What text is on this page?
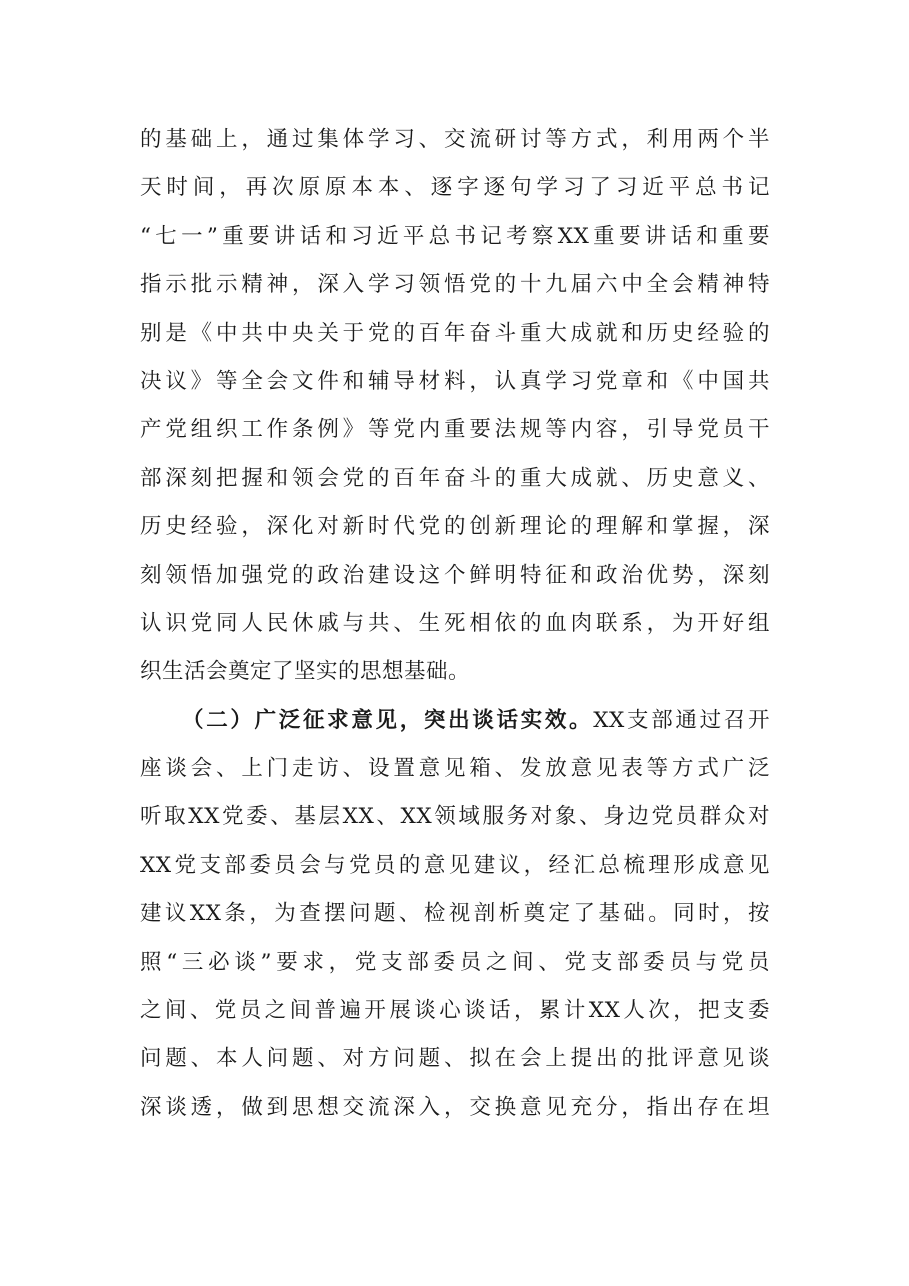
的基础上，通过集体学习、交流研讨等方式，利用两个半
天时间，再次原原本本、逐字逐句学习了习近平总书记
“七一”重要讲话和习近平总书记考察XX重要讲话和重要
指示批示精神，深入学习领悟党的十九届六中全会精神特
别是《中共中央关于党的百年奋斗重大成就和历史经验的
决议》等全会文件和辅导材料，认真学习党章和《中国共
产党组织工作条例》等党内重要法规等内容，引导党员干
部深刻把握和领会党的百年奋斗的重大成就、历史意义、
历史经验，深化对新时代党的创新理论的理解和掌握，深
刻领悟加强党的政治建设这个鲜明特征和政治优势，深刻
认识党同人民休戚与共、生死相依的血肉联系，为开好组
织生活会奠定了坚实的思想基础。
（二）广泛征求意见，突出谈话实效。XX支部通过召开
座谈会、上门走访、设置意见箱、发放意见表等方式广泛
听取XX党委、基层XX、XX领域服务对象、身边党员群众对
XX党支部委员会与党员的意见建议，经汇总梳理形成意见
建议XX条，为查摆问题、检视剖析奠定了基础。同时，按
照“三必谈”要求，党支部委员之间、党支部委员与党员
之间、党员之间普遍开展谈心谈话，累计XX人次，把支委
问题、本人问题、对方问题、拟在会上提出的批评意见谈
深谈透，做到思想交流深入，交换意见充分，指出存在坦
